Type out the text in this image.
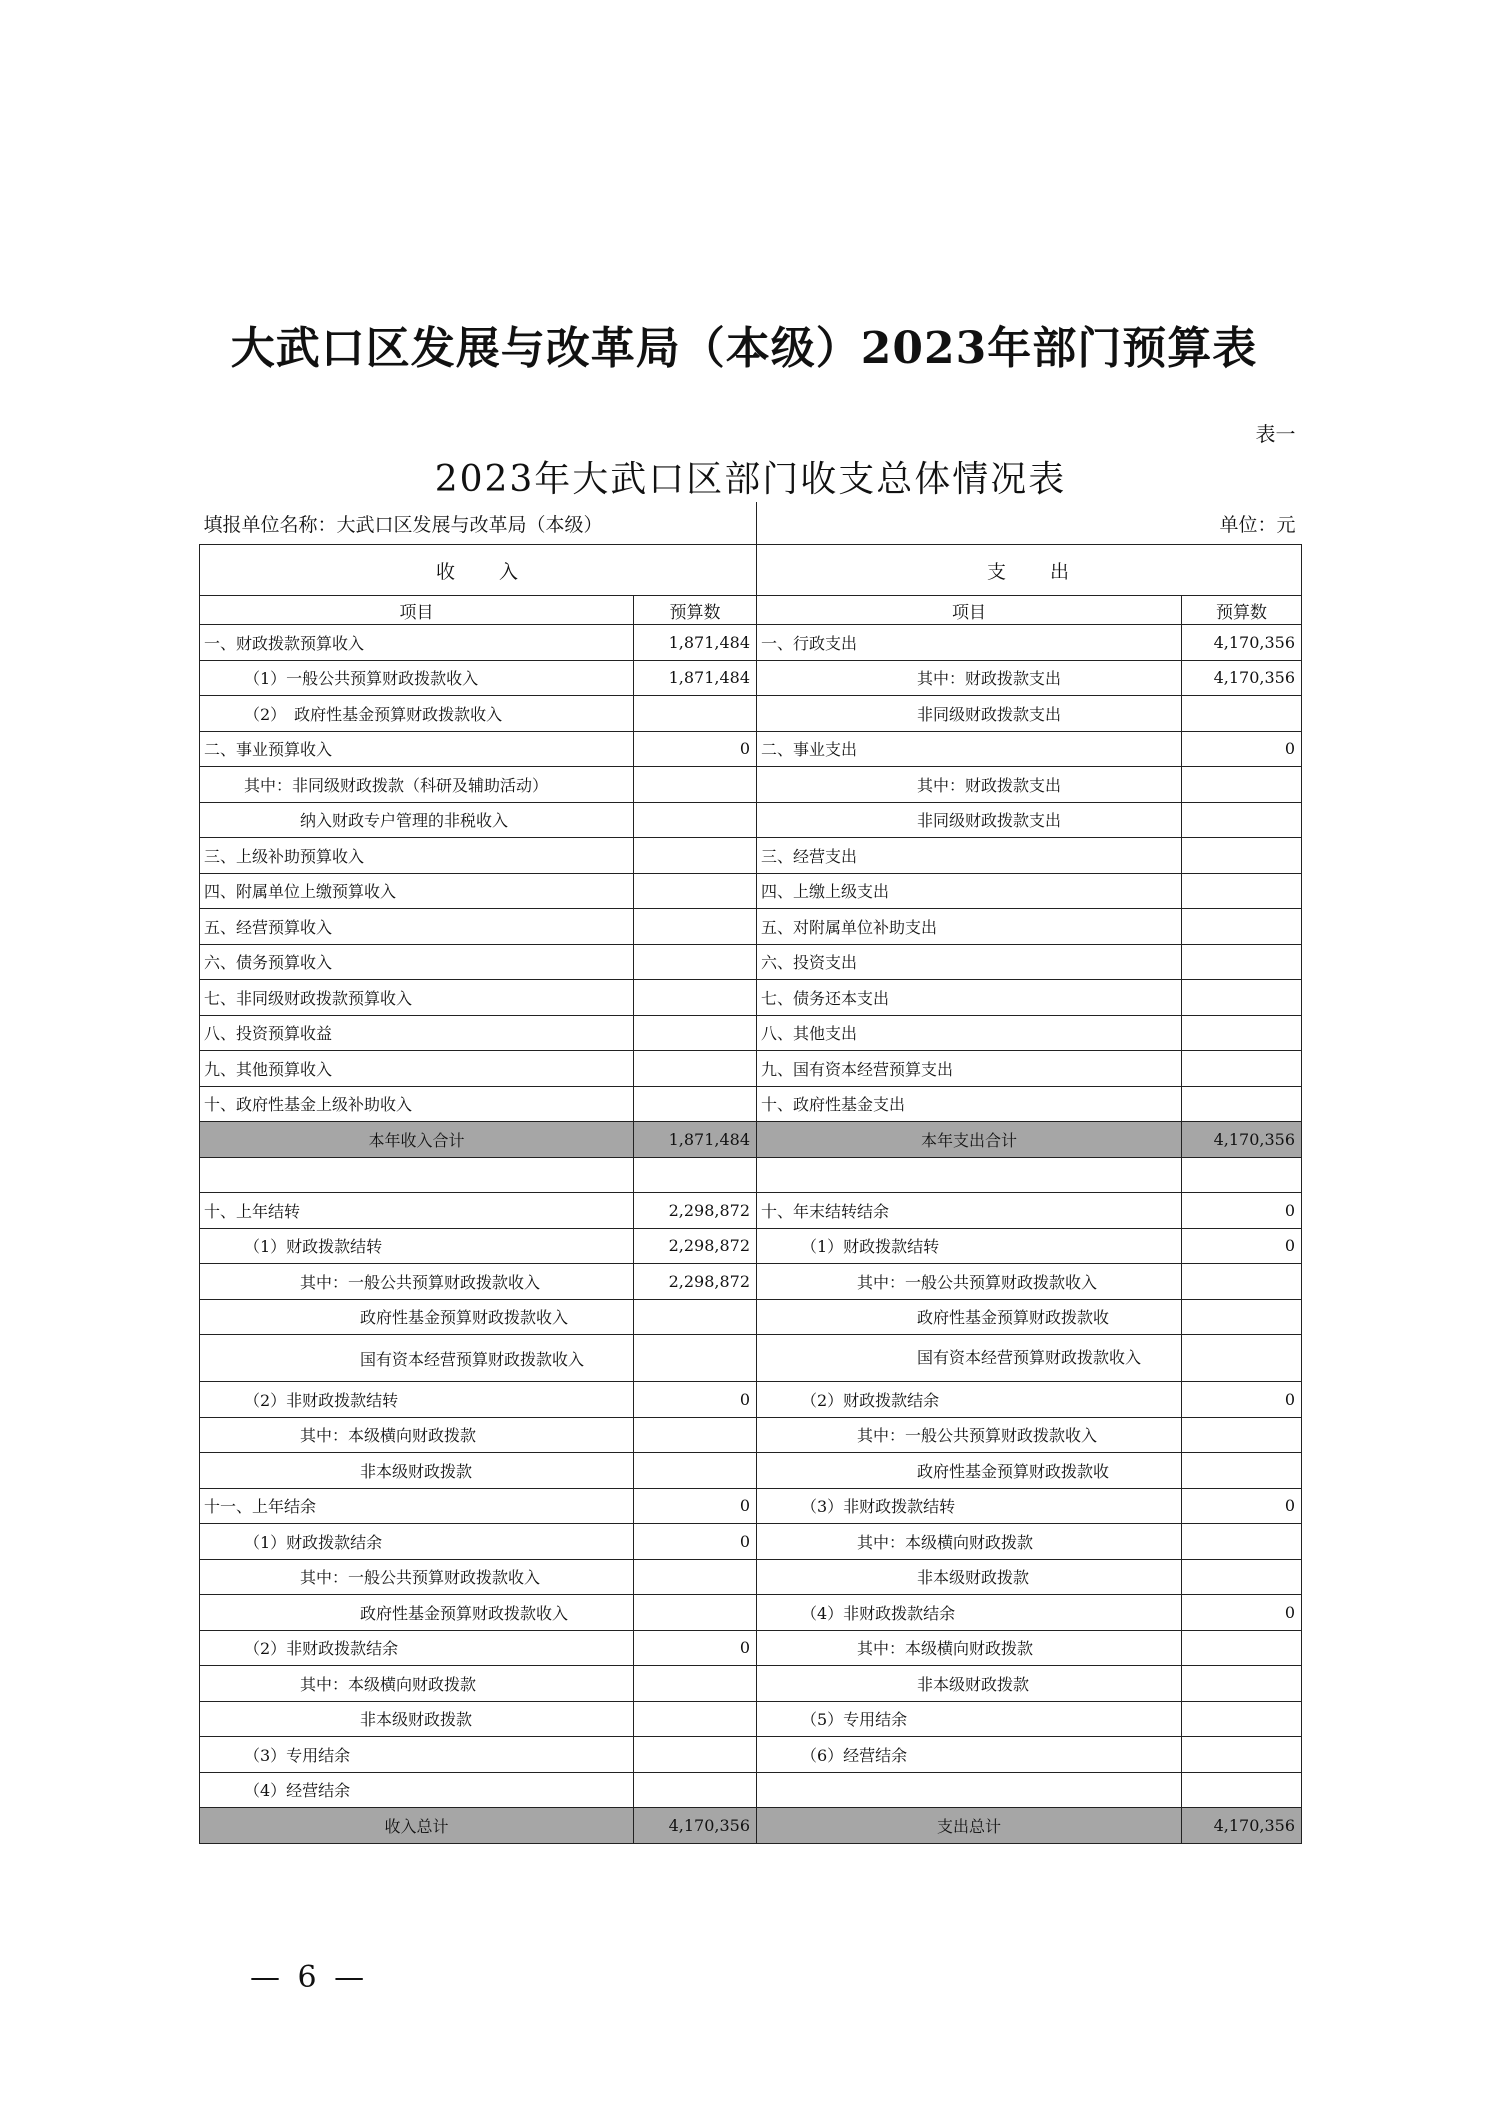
大武口区发展与改革局（本级）2023年部门预算表
表一			
2023年大武口区部门收支总体情况表			
填报单位名称：大武口区发展与改革局（本级）			单位：元
收　　入		支　　出	
项目	预算数	项目	预算数
一、财政拨款预算收入	1,871,484	一、行政支出	4,170,356
（1）一般公共预算财政拨款收入	1,871,484	其中：财政拨款支出	4,170,356
（2）　政府性基金预算财政拨款收入		非同级财政拨款支出	
二、事业预算收入	0	二、事业支出	0
其中：非同级财政拨款（科研及辅助活动）		其中：财政拨款支出	
纳入财政专户管理的非税收入		非同级财政拨款支出	
三、上级补助预算收入		三、经营支出	
四、附属单位上缴预算收入		四、上缴上级支出	
五、经营预算收入		五、对附属单位补助支出	
六、债务预算收入		六、投资支出	
七、非同级财政拨款预算收入		七、债务还本支出	
八、投资预算收益		八、其他支出	
九、其他预算收入		九、国有资本经营预算支出	
十、政府性基金上级补助收入		十、政府性基金支出	
本年收入合计	1,871,484	本年支出合计	4,170,356

十、上年结转	2,298,872	十、年末结转结余	0
（1）财政拨款结转	2,298,872	（1）财政拨款结转	0
其中：一般公共预算财政拨款收入	2,298,872	其中：一般公共预算财政拨款收入	
政府性基金预算财政拨款收入		政府性基金预算财政拨款收	
国有资本经营预算财政拨款收入		国有资本经营预算财政拨款收入	
（2）非财政拨款结转	0	（2）财政拨款结余	0
其中：本级横向财政拨款		其中：一般公共预算财政拨款收入	
非本级财政拨款		政府性基金预算财政拨款收	
十一、上年结余	0	（3）非财政拨款结转	0
（1）财政拨款结余	0	其中：本级横向财政拨款	
其中：一般公共预算财政拨款收入		非本级财政拨款	
政府性基金预算财政拨款收入		（4）非财政拨款结余	0
（2）非财政拨款结余	0	其中：本级横向财政拨款	
其中：本级横向财政拨款		非本级财政拨款	
非本级财政拨款		（5）专用结余	
（3）专用结余		（6）经营结余	
（4）经营结余			
收入总计	4,170,356	支出总计	4,170,356
— 6 —
